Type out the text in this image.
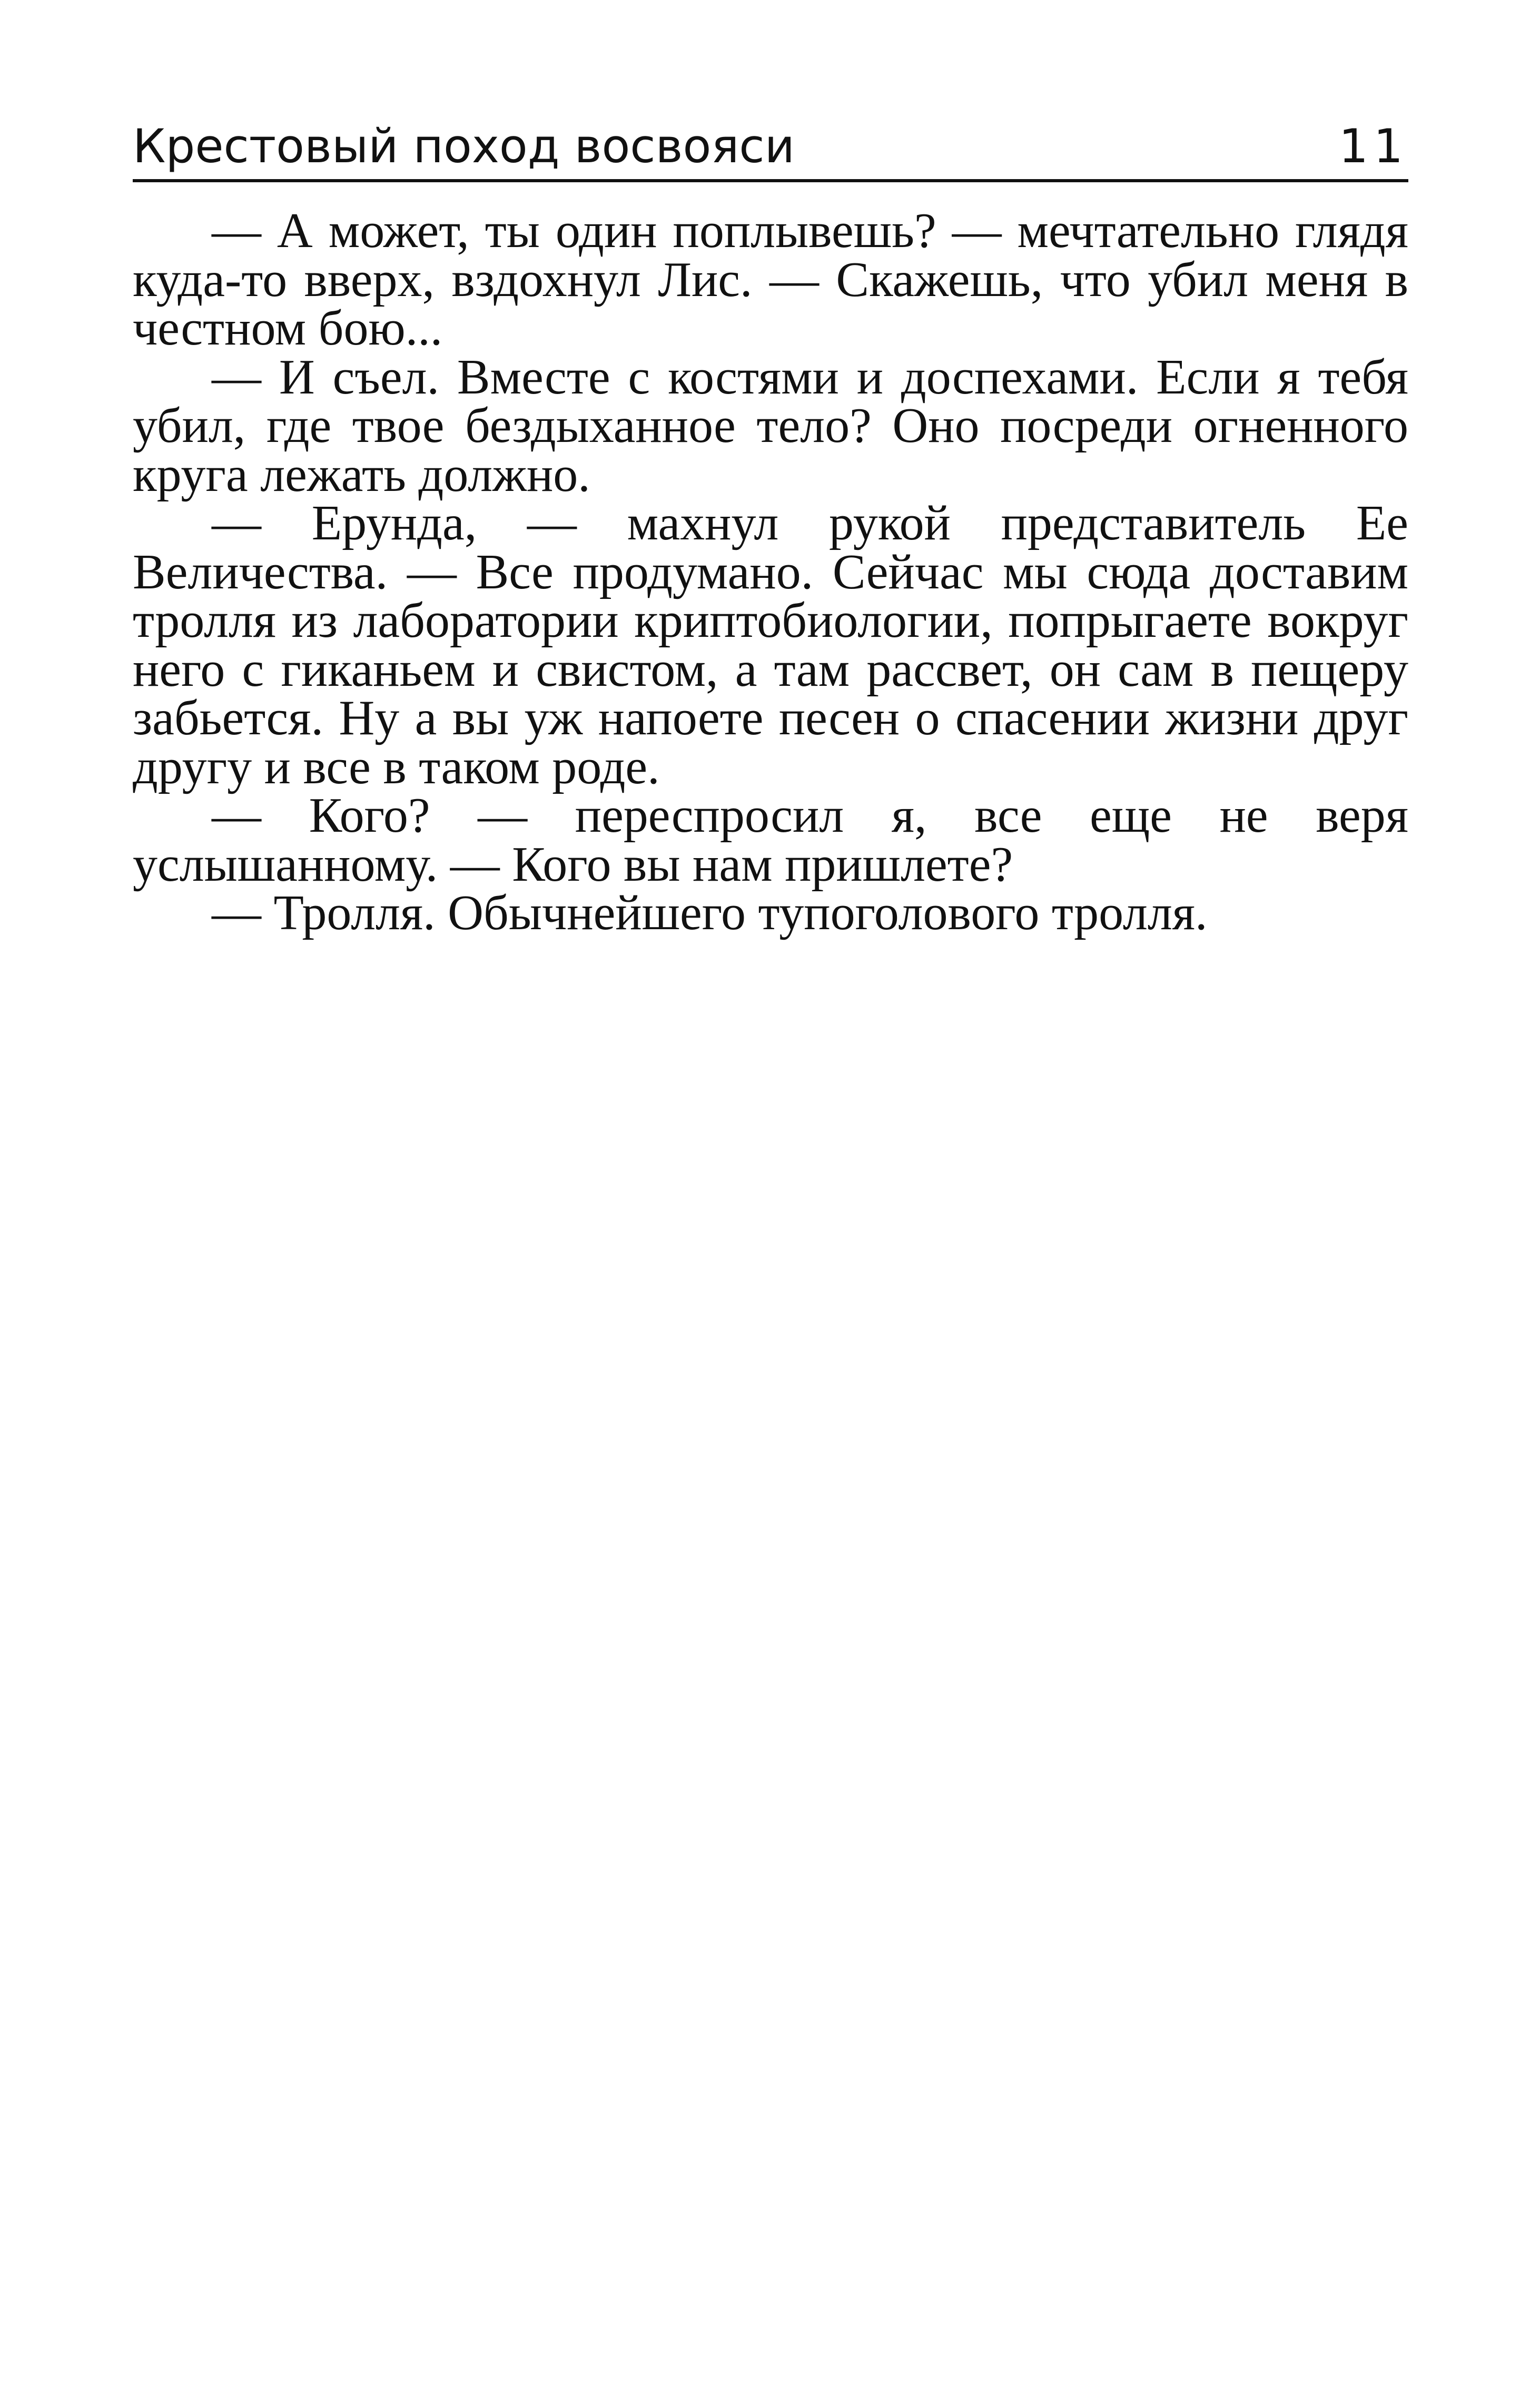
Крестовый поход восвояси	11

— А может, ты один поплывешь? — мечтательно глядя куда-то вверх, вздохнул Лис. — Скажешь, что убил меня в честном бою...

— И съел. Вместе с костями и доспехами. Если я тебя убил, где твое бездыханное тело? Оно посреди огненного круга лежать должно.

— Ерунда, — махнул рукой представитель Ее Величества. — Все продумано. Сейчас мы сюда доставим тролля из лаборатории криптобиологии, попрыгаете вокруг него с гиканьем и свистом, а там рассвет, он сам в пещеру забьется. Ну а вы уж напоете песен о спасении жизни друг другу и все в таком роде.

— Кого? — переспросил я, все еще не веря услышанному. — Кого вы нам пришлете?

— Тролля. Обычнейшего тупоголового тролля.
